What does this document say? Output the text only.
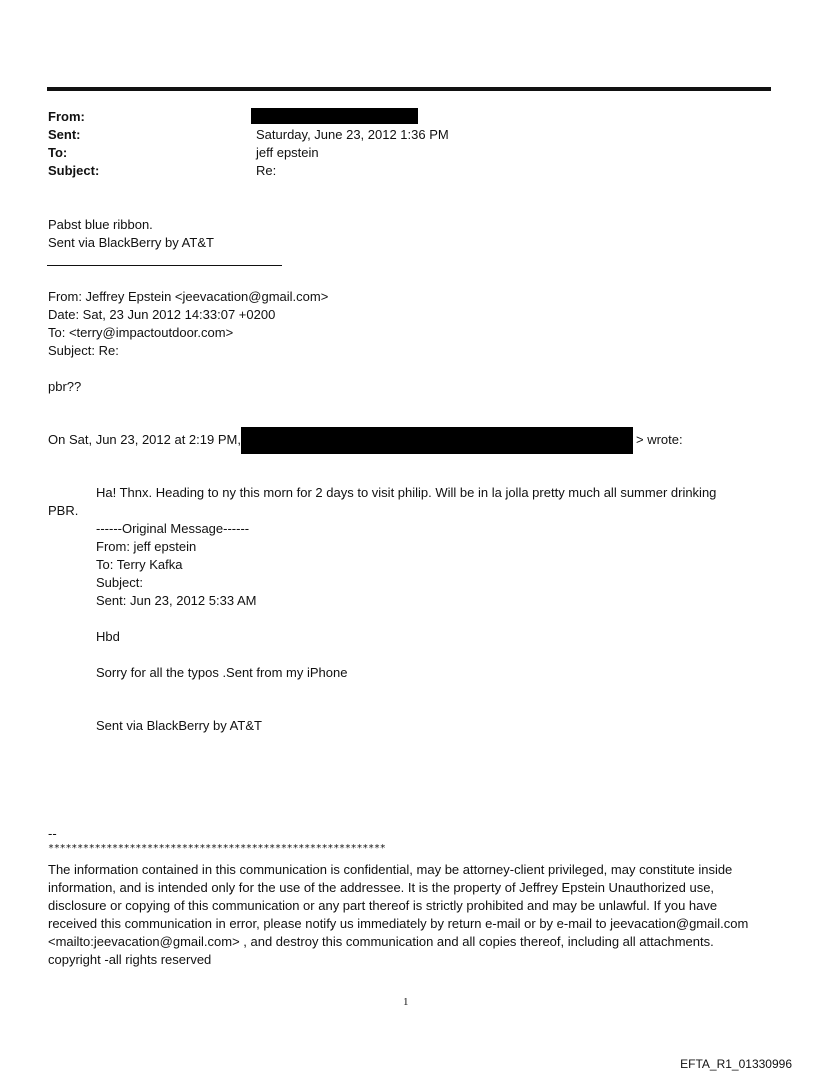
From:
Sent:	Saturday, June 23, 2012 1:36 PM
To:	jeff epstein
Subject:	Re:
Pabst blue ribbon.
Sent via BlackBerry by AT&T
From: Jeffrey Epstein <jeevacation@gmail.com>
Date: Sat, 23 Jun 2012 14:33:07 +0200
To: <terry@impactoutdoor.com>
Subject: Re:
pbr??
On Sat, Jun 23, 2012 at 2:19 PM,	> wrote:
Ha! Thnx. Heading to ny this morn for 2 days to visit philip. Will be in la jolla pretty much all summer drinking
PBR.
------Original Message------
From: jeff epstein
To: Terry Kafka
Subject:
Sent: Jun 23, 2012 5:33 AM
Hbd
Sorry for all the typos .Sent from my iPhone
Sent via BlackBerry by AT&T
--
**********************************************************
The information contained in this communication is confidential, may be attorney-client privileged, may constitute inside information, and is intended only for the use of the addressee. It is the property of Jeffrey Epstein Unauthorized use, disclosure or copying of this communication or any part thereof is strictly prohibited and may be unlawful. If you have received this communication in error, please notify us immediately by return e-mail or by e-mail to jeevacation@gmail.com <mailto:jeevacation@gmail.com> , and destroy this communication and all copies thereof, including all attachments. copyright -all rights reserved
1
EFTA_R1_01330996
